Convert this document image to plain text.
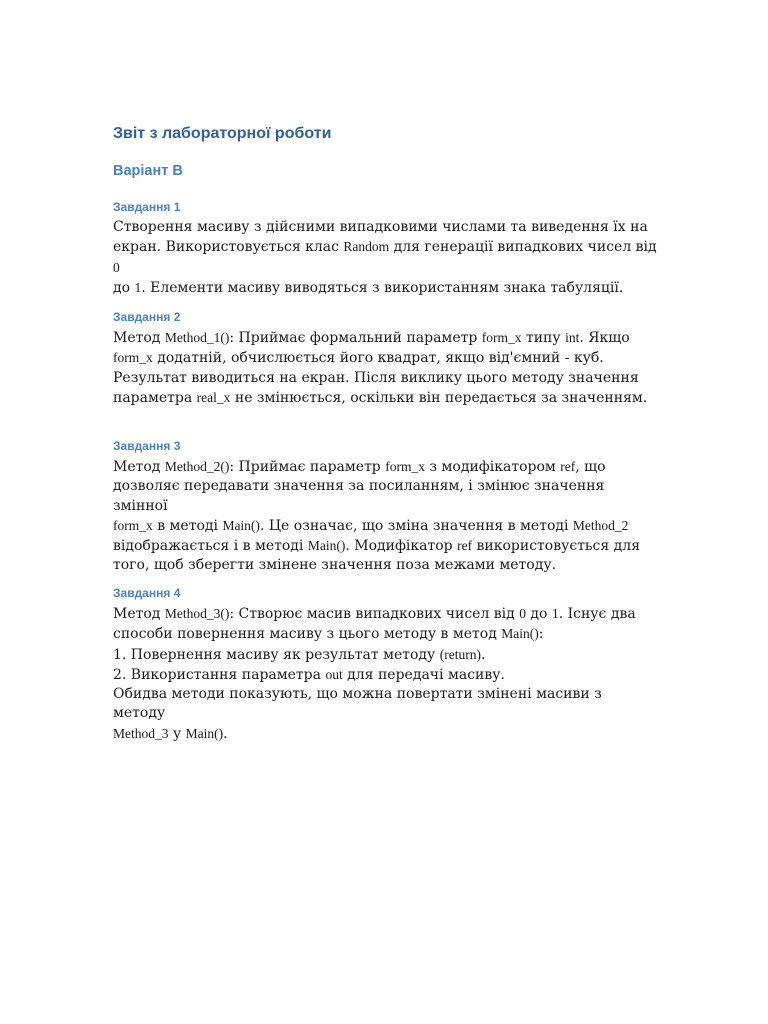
Звіт з лабораторної роботи
Варіант B

Завдання 1

Створення масиву з дійсними випадковими числами та виведення їх на
екран. Використовується клас Random для генерації випадкових чисел від 0
до 1. Елементи масиву виводяться з використанням знака табуляції.

Завдання 2

Метод Method_1(): Приймає формальний параметр form_x типу int. Якщо
form_x додатній, обчислюється його квадрат, якщо від'ємний - куб.
Результат виводиться на екран. Після виклику цього методу значення
параметра real_x не змінюється, оскільки він передається за значенням.

Завдання 3

Метод Method_2(): Приймає параметр form_x з модифікатором ref, що
дозволяє передавати значення за посиланням, і змінює значення змінної
form_x в методі Main(). Це означає, що зміна значення в методі Method_2
відображається і в методі Main(). Модифікатор ref використовується для
того, щоб зберегти змінене значення поза межами методу.

Завдання 4

Метод Method_3(): Створює масив випадкових чисел від 0 до 1. Існує два
способи повернення масиву з цього методу в метод Main():
1. Повернення масиву як результат методу (return).
2. Використання параметра out для передачі масиву.
Обидва методи показують, що можна повертати змінені масиви з методу
Method_3 у Main().
